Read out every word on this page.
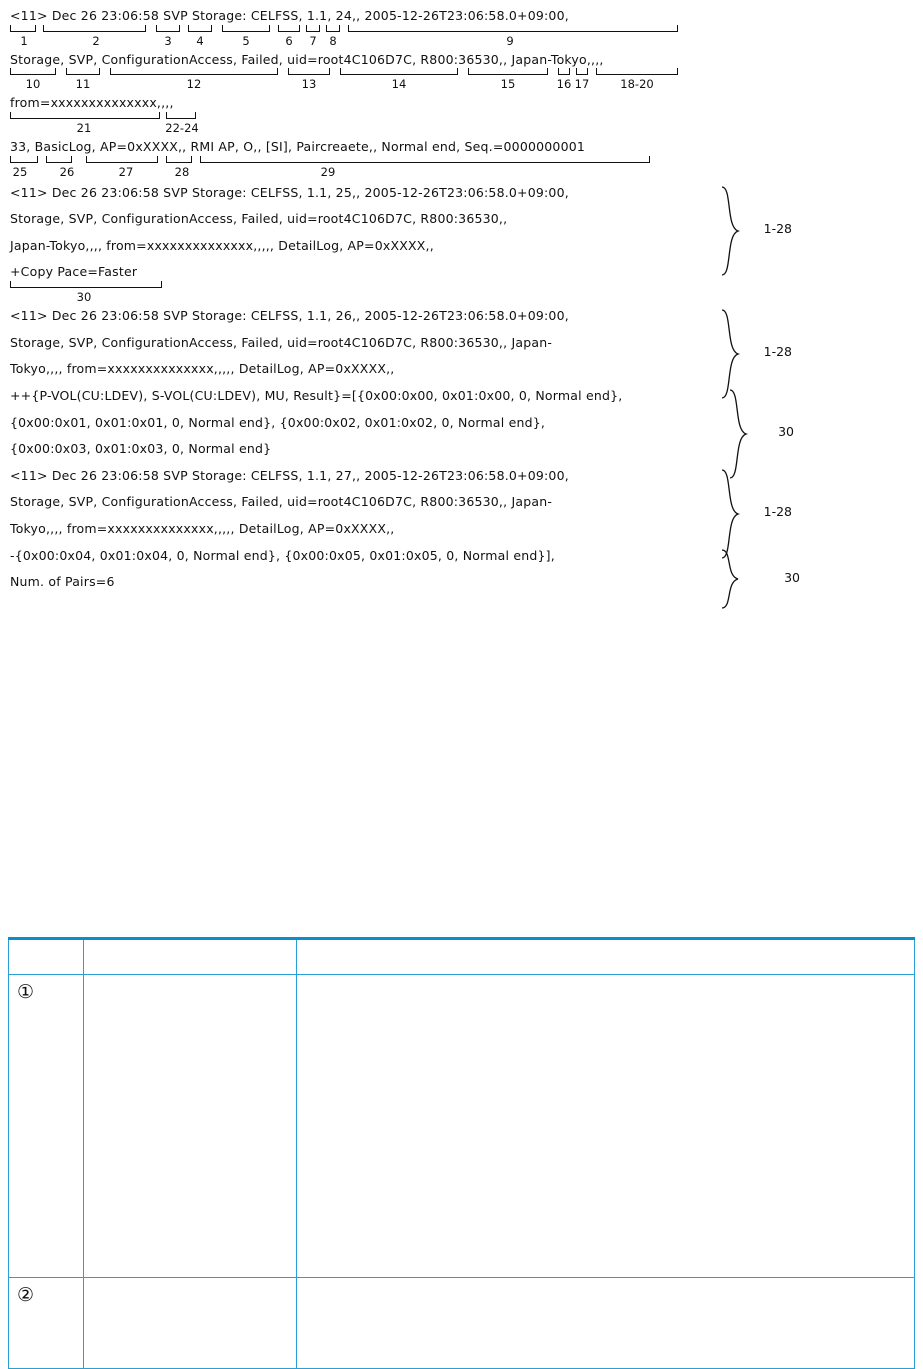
<11> Dec 26 23:06:58 SVP Storage: CELFSS, 1.1, 24,, 2005-12-26T23:06:58.0+09:00,
1	2	3 4	5	6 7 8	9
Storage, SVP, ConfigurationAccess, Failed, uid=root4C106D7C, R800:36530,, Japan-Tokyo,,,,
10	11	12	13	14	15	16 17	18-20
from=xxxxxxxxxxxxxx,,,,
21	22-24
33, BasicLog, AP=0xXXXX,, RMI AP, O,, [SI], Paircreaete,, Normal end, Seq.=0000000001
25	26	27	28	29
<11> Dec 26 23:06:58 SVP Storage: CELFSS, 1.1, 25,, 2005-12-26T23:06:58.0+09:00,
Storage, SVP, ConfigurationAccess, Failed, uid=root4C106D7C, R800:36530,,
Japan-Tokyo,,,, from=xxxxxxxxxxxxxx,,,,, DetailLog, AP=0xXXXX,,
1-28
+Copy Pace=Faster
30
<11> Dec 26 23:06:58 SVP Storage: CELFSS, 1.1, 26,, 2005-12-26T23:06:58.0+09:00,
Storage, SVP, ConfigurationAccess, Failed, uid=root4C106D7C, R800:36530,, Japan-
Tokyo,,,, from=xxxxxxxxxxxxxx,,,,, DetailLog, AP=0xXXXX,,
1-28
++{P-VOL(CU:LDEV), S-VOL(CU:LDEV), MU, Result}=[{0x00:0x00, 0x01:0x00, 0, Normal end},
{0x00:0x01, 0x01:0x01, 0, Normal end}, {0x00:0x02, 0x01:0x02, 0, Normal end},
{0x00:0x03, 0x01:0x03, 0, Normal end}
30
<11> Dec 26 23:06:58 SVP Storage: CELFSS, 1.1, 27,, 2005-12-26T23:06:58.0+09:00,
Storage, SVP, ConfigurationAccess, Failed, uid=root4C106D7C, R800:36530,, Japan-
Tokyo,,,, from=xxxxxxxxxxxxxx,,,,, DetailLog, AP=0xXXXX,,
1-28
-{0x00:0x04, 0x01:0x04, 0, Normal end}, {0x00:0x05, 0x01:0x05, 0, Normal end}],
Num. of Pairs=6	30

①		
②		
